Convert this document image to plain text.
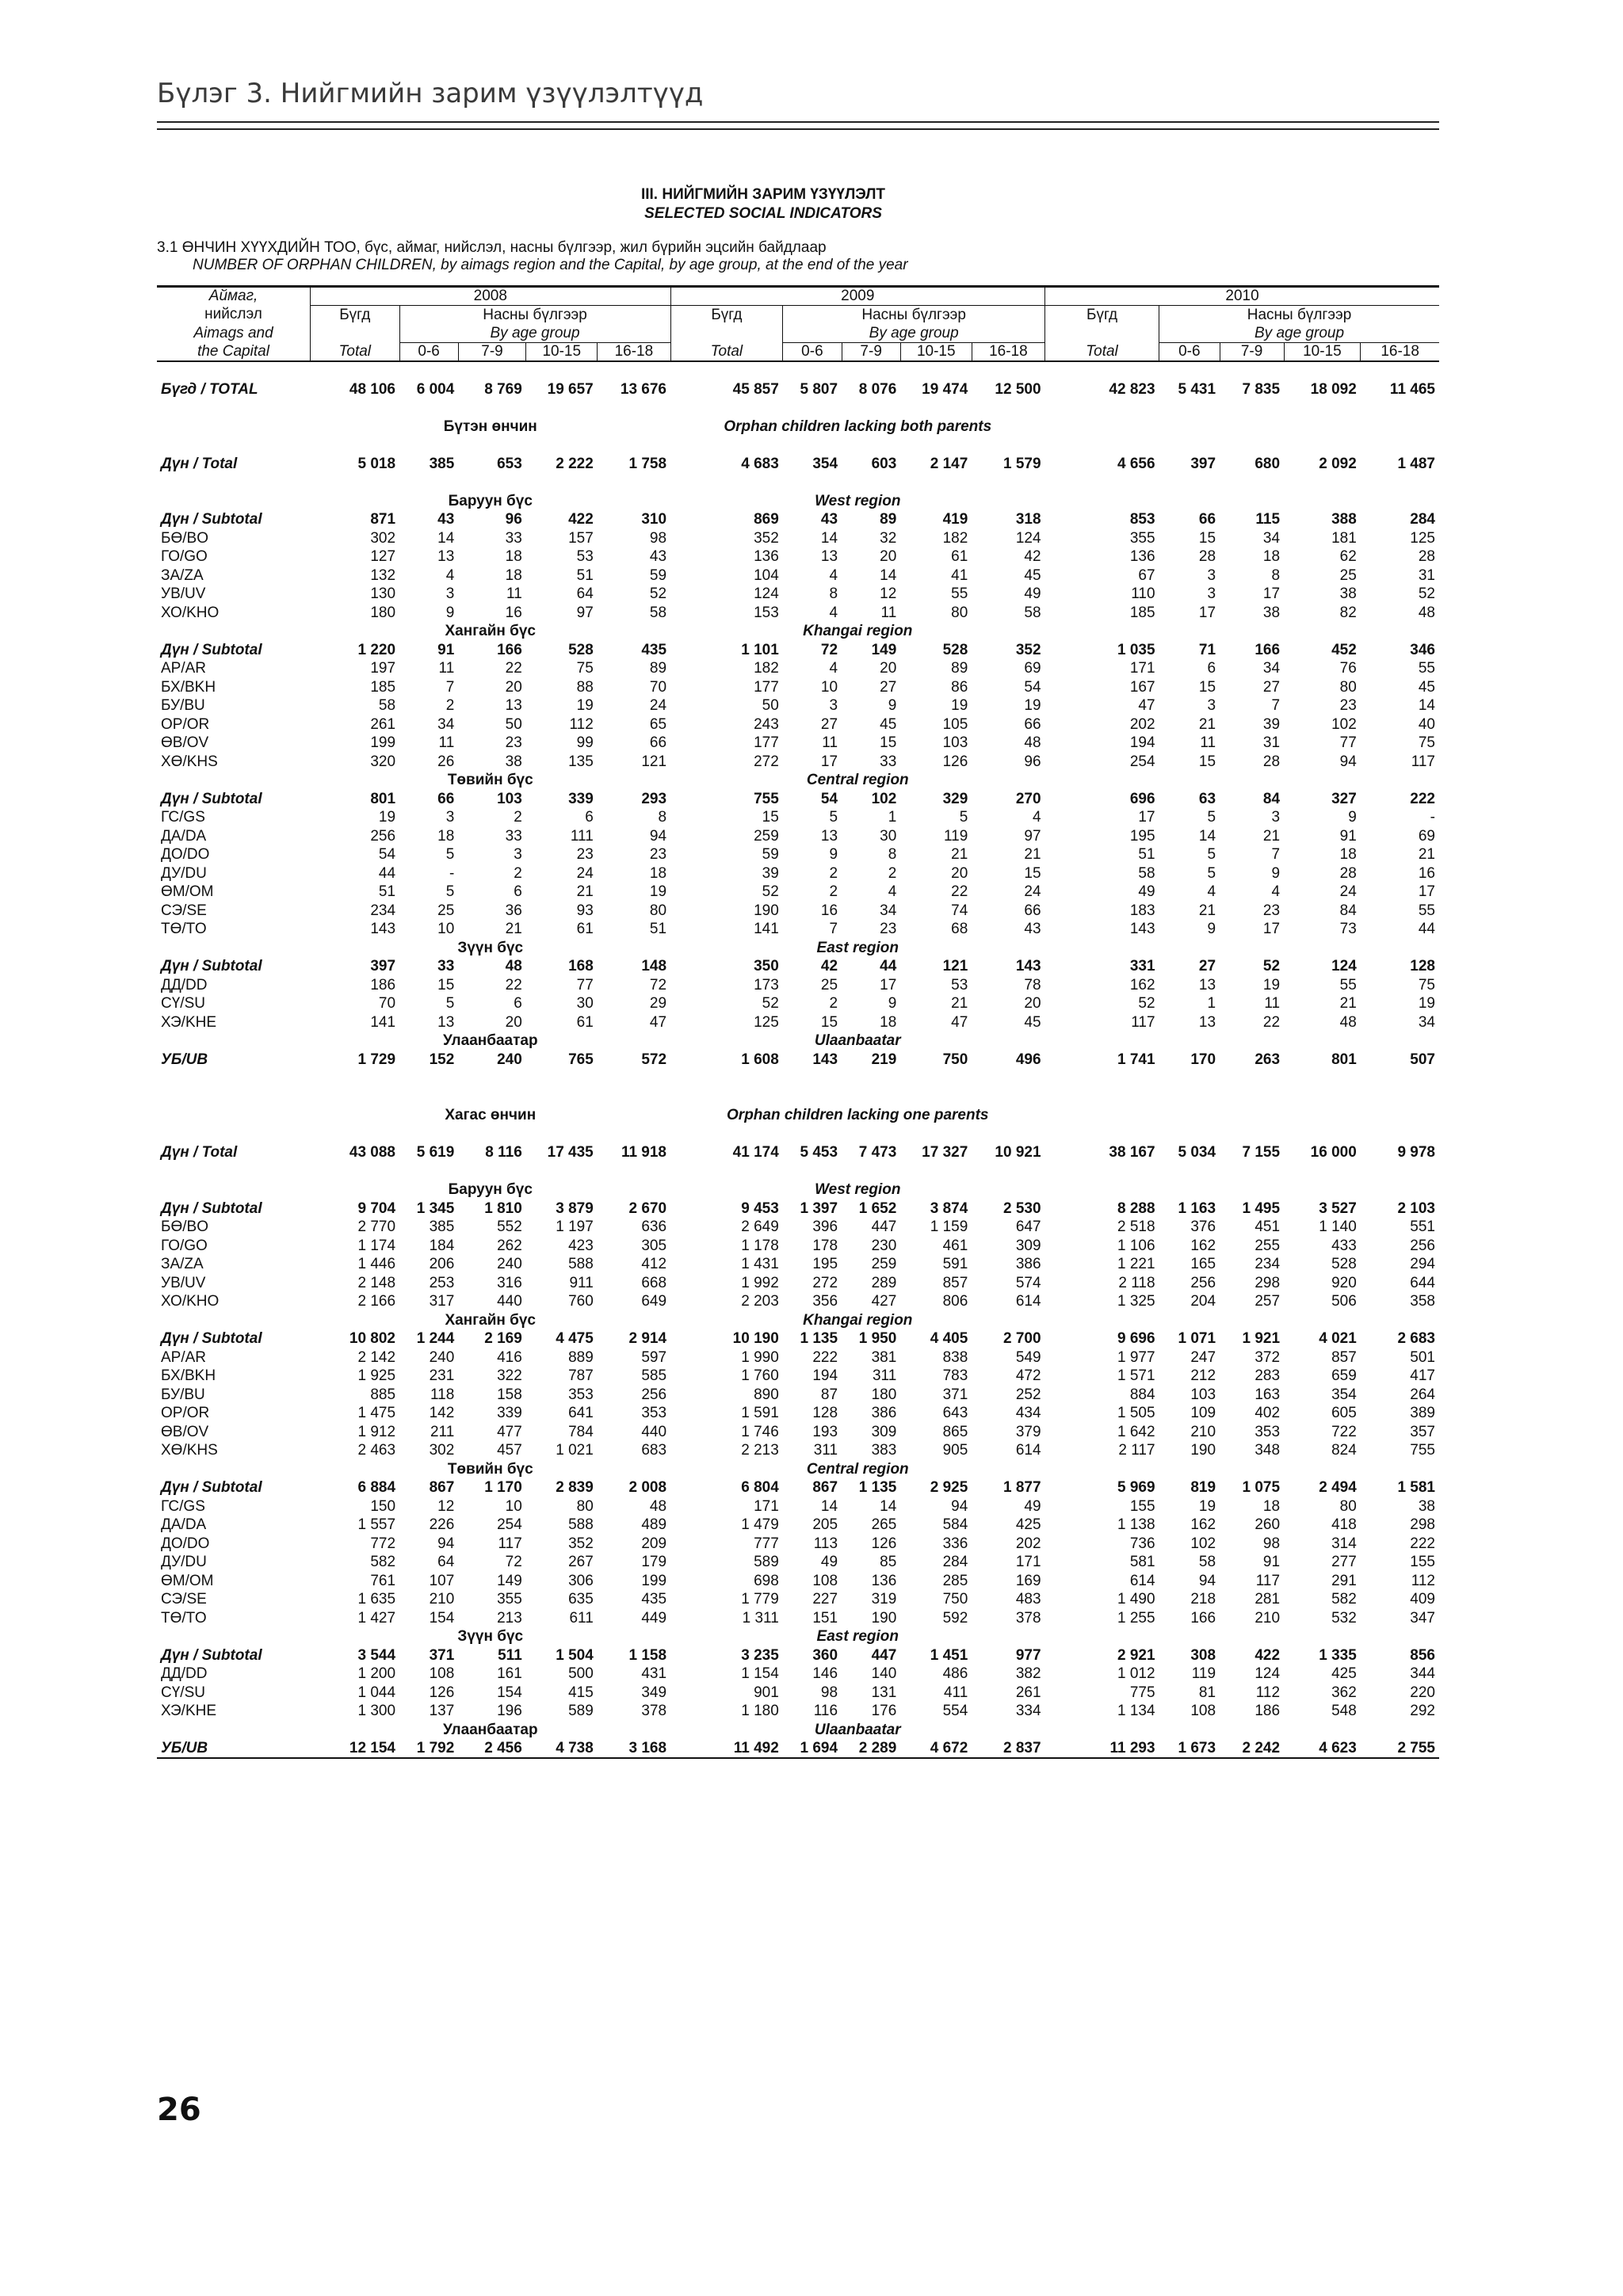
Бүлэг 3. Нийгмийн зарим үзүүлэлтүүд
III. НИЙГМИЙН ЗАРИМ ҮЗҮҮЛЭЛТ
SELECTED SOCIAL INDICATORS
3.1 ӨНЧИН ХҮҮХДИЙН ТОО, бүс, аймаг, нийслэл, насны бүлгээр, жил бүрийн эцсийн байдлаар
NUMBER OF ORPHAN CHILDREN, by aimags region and the Capital, by age group, at the end of the year
Аймаг,	2008					2009					2010				
нийслэл	Бүгд	Насны бүлгээр				Бүгд	Насны бүлгээр				Бүгд	Насны бүлгээр			
Aimags and		By age group					By age group					By age group			
the Capital	Total	0-6	7-9	10-15	16-18	Total	0-6	7-9	10-15	16-18	Total	0-6	7-9	10-15	16-18

Бүгд / TOTAL	48 106	6 004	8 769	19 657	13 676	45 857	5 807	8 076	19 474	12 500	42 823	5 431	7 835	18 092	11 465

	Бүтэн өнчин					Orphan children lacking both parents									

Дүн / Total	5 018	385	653	2 222	1 758	4 683	354	603	2 147	1 579	4 656	397	680	2 092	1 487

	Баруун бүс					West region									
Дүн / Subtotal	871	43	96	422	310	869	43	89	419	318	853	66	115	388	284
БӨ/BO	302	14	33	157	98	352	14	32	182	124	355	15	34	181	125
ГО/GO	127	13	18	53	43	136	13	20	61	42	136	28	18	62	28
ЗА/ZA	132	4	18	51	59	104	4	14	41	45	67	3	8	25	31
УВ/UV	130	3	11	64	52	124	8	12	55	49	110	3	17	38	52
ХО/KHO	180	9	16	97	58	153	4	11	80	58	185	17	38	82	48
	Хангайн бүс					Khangai region									
Дүн / Subtotal	1 220	91	166	528	435	1 101	72	149	528	352	1 035	71	166	452	346
АР/AR	197	11	22	75	89	182	4	20	89	69	171	6	34	76	55
БХ/BKH	185	7	20	88	70	177	10	27	86	54	167	15	27	80	45
БУ/BU	58	2	13	19	24	50	3	9	19	19	47	3	7	23	14
ОР/OR	261	34	50	112	65	243	27	45	105	66	202	21	39	102	40
ӨВ/OV	199	11	23	99	66	177	11	15	103	48	194	11	31	77	75
ХӨ/KHS	320	26	38	135	121	272	17	33	126	96	254	15	28	94	117
	Төвийн бүс					Central region									
Дүн / Subtotal	801	66	103	339	293	755	54	102	329	270	696	63	84	327	222
ГС/GS	19	3	2	6	8	15	5	1	5	4	17	5	3	9	-
ДА/DA	256	18	33	111	94	259	13	30	119	97	195	14	21	91	69
ДО/DO	54	5	3	23	23	59	9	8	21	21	51	5	7	18	21
ДУ/DU	44	-	2	24	18	39	2	2	20	15	58	5	9	28	16
ӨМ/OM	51	5	6	21	19	52	2	4	22	24	49	4	4	24	17
СЭ/SE	234	25	36	93	80	190	16	34	74	66	183	21	23	84	55
ТӨ/TO	143	10	21	61	51	141	7	23	68	43	143	9	17	73	44
	Зүүн бүс					East region									
Дүн / Subtotal	397	33	48	168	148	350	42	44	121	143	331	27	52	124	128
ДД/DD	186	15	22	77	72	173	25	17	53	78	162	13	19	55	75
СҮ/SU	70	5	6	30	29	52	2	9	21	20	52	1	11	21	19
ХЭ/KHE	141	13	20	61	47	125	15	18	47	45	117	13	22	48	34
	Улаанбаатар					Ulaanbaatar									
УБ/UB	1 729	152	240	765	572	1 608	143	219	750	496	1 741	170	263	801	507

	Хагас өнчин					Orphan children lacking one parents									

Дүн / Total	43 088	5 619	8 116	17 435	11 918	41 174	5 453	7 473	17 327	10 921	38 167	5 034	7 155	16 000	9 978

	Баруун бүс					West region									
Дүн / Subtotal	9 704	1 345	1 810	3 879	2 670	9 453	1 397	1 652	3 874	2 530	8 288	1 163	1 495	3 527	2 103
БӨ/BO	2 770	385	552	1 197	636	2 649	396	447	1 159	647	2 518	376	451	1 140	551
ГО/GO	1 174	184	262	423	305	1 178	178	230	461	309	1 106	162	255	433	256
ЗА/ZA	1 446	206	240	588	412	1 431	195	259	591	386	1 221	165	234	528	294
УВ/UV	2 148	253	316	911	668	1 992	272	289	857	574	2 118	256	298	920	644
ХО/KHO	2 166	317	440	760	649	2 203	356	427	806	614	1 325	204	257	506	358
	Хангайн бүс					Khangai region									
Дүн / Subtotal	10 802	1 244	2 169	4 475	2 914	10 190	1 135	1 950	4 405	2 700	9 696	1 071	1 921	4 021	2 683
АР/AR	2 142	240	416	889	597	1 990	222	381	838	549	1 977	247	372	857	501
БХ/BKH	1 925	231	322	787	585	1 760	194	311	783	472	1 571	212	283	659	417
БУ/BU	885	118	158	353	256	890	87	180	371	252	884	103	163	354	264
ОР/OR	1 475	142	339	641	353	1 591	128	386	643	434	1 505	109	402	605	389
ӨВ/OV	1 912	211	477	784	440	1 746	193	309	865	379	1 642	210	353	722	357
ХӨ/KHS	2 463	302	457	1 021	683	2 213	311	383	905	614	2 117	190	348	824	755
	Төвийн бүс					Central region									
Дүн / Subtotal	6 884	867	1 170	2 839	2 008	6 804	867	1 135	2 925	1 877	5 969	819	1 075	2 494	1 581
ГС/GS	150	12	10	80	48	171	14	14	94	49	155	19	18	80	38
ДА/DA	1 557	226	254	588	489	1 479	205	265	584	425	1 138	162	260	418	298
ДО/DO	772	94	117	352	209	777	113	126	336	202	736	102	98	314	222
ДУ/DU	582	64	72	267	179	589	49	85	284	171	581	58	91	277	155
ӨМ/OM	761	107	149	306	199	698	108	136	285	169	614	94	117	291	112
СЭ/SE	1 635	210	355	635	435	1 779	227	319	750	483	1 490	218	281	582	409
ТӨ/TO	1 427	154	213	611	449	1 311	151	190	592	378	1 255	166	210	532	347
	Зүүн бүс					East region									
Дүн / Subtotal	3 544	371	511	1 504	1 158	3 235	360	447	1 451	977	2 921	308	422	1 335	856
ДД/DD	1 200	108	161	500	431	1 154	146	140	486	382	1 012	119	124	425	344
СҮ/SU	1 044	126	154	415	349	901	98	131	411	261	775	81	112	362	220
ХЭ/KHE	1 300	137	196	589	378	1 180	116	176	554	334	1 134	108	186	548	292
	Улаанбаатар					Ulaanbaatar									
УБ/UB	12 154	1 792	2 456	4 738	3 168	11 492	1 694	2 289	4 672	2 837	11 293	1 673	2 242	4 623	2 755
26
